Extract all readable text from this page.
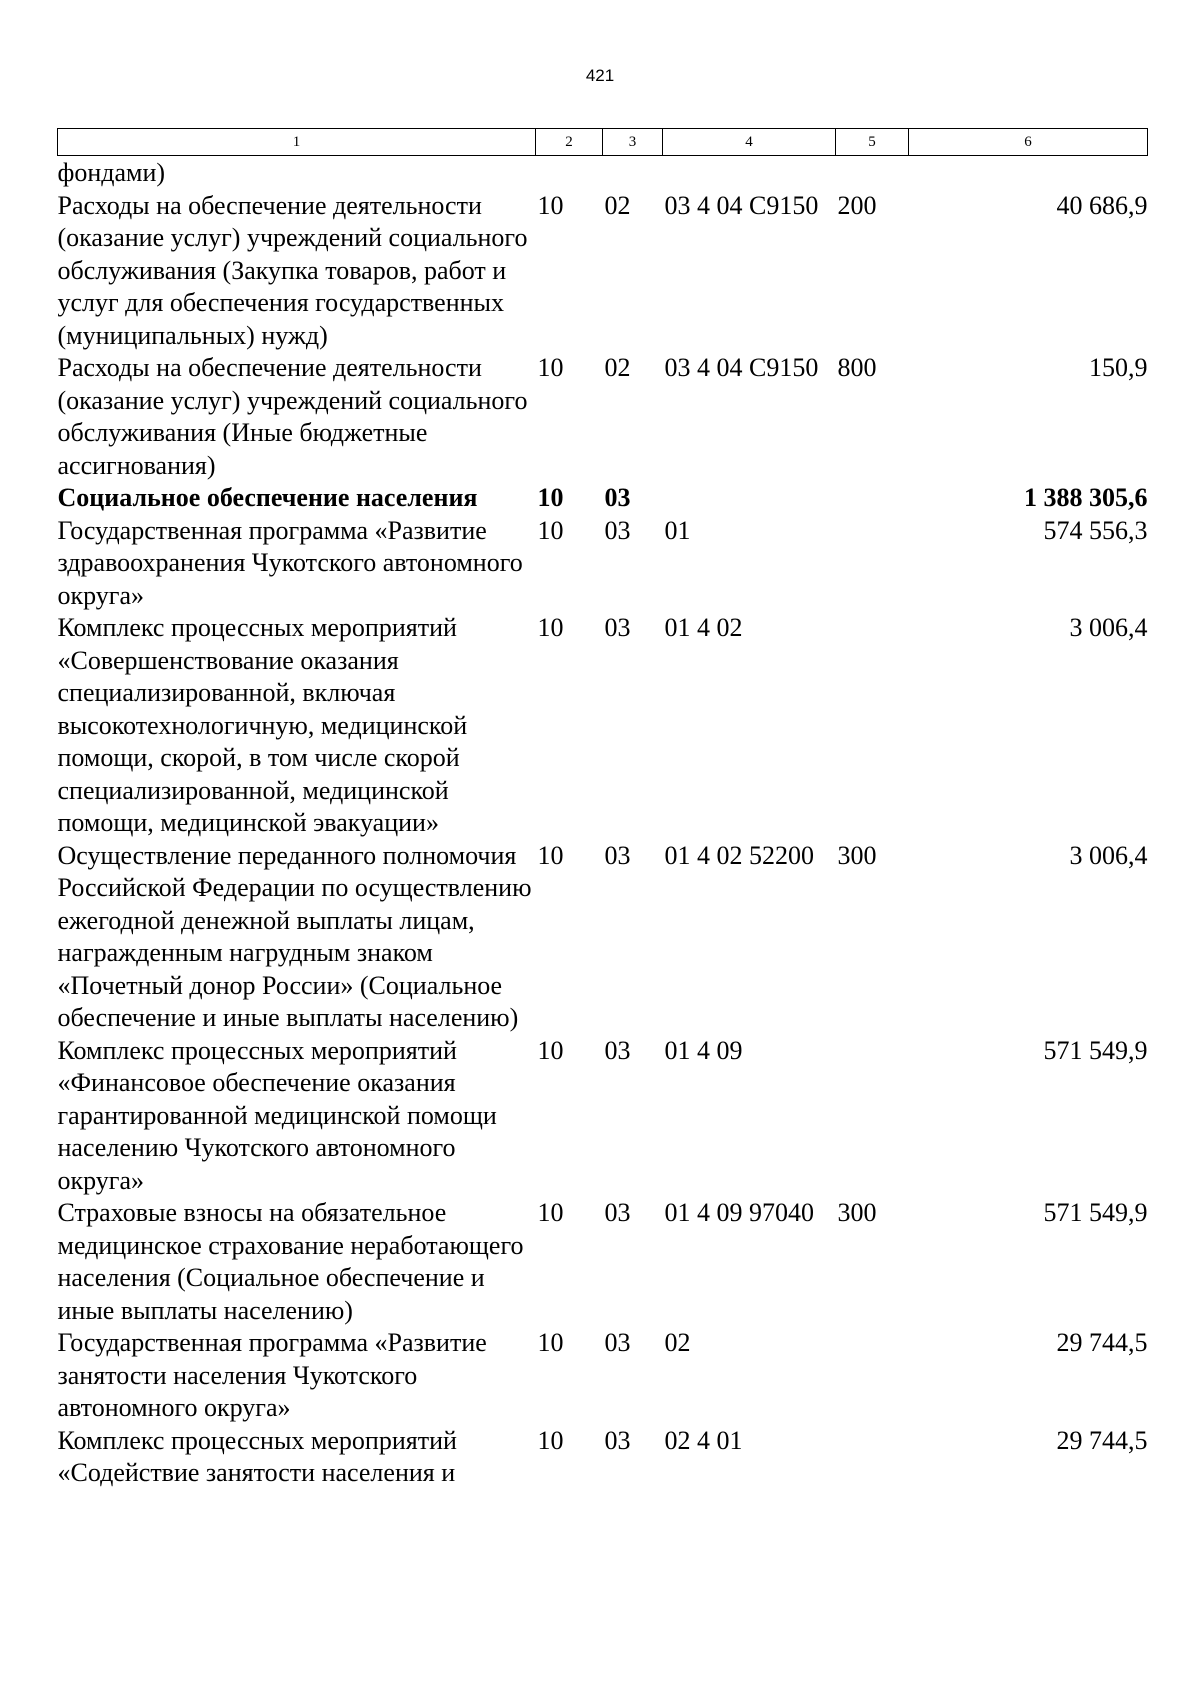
421
1	2	3	4	5	6
фондами)					
Расходы на обеспечение деятельности (оказание услуг) учреждений социального обслуживания (Закупка товаров, работ и услуг для обеспечения государственных (муниципальных) нужд)	10	02	03 4 04 С9150	200	40 686,9
Расходы на обеспечение деятельности (оказание услуг) учреждений социального обслуживания (Иные бюджетные ассигнования)	10	02	03 4 04 С9150	800	150,9
Социальное обеспечение населения	10	03			1 388 305,6
Государственная программа «Развитие здравоохранения Чукотского автономного округа»	10	03	01		574 556,3
Комплекс процессных мероприятий «Совершенствование оказания специализированной, включая высокотехнологичную, медицинской помощи, скорой, в том числе скорой специализированной, медицинской помощи, медицинской эвакуации»	10	03	01 4 02		3 006,4
Осуществление переданного полномочия Российской Федерации по осуществлению ежегодной денежной выплаты лицам, награжденным нагрудным знаком «Почетный донор России» (Социальное обеспечение и иные выплаты населению)	10	03	01 4 02 52200	300	3 006,4
Комплекс процессных мероприятий «Финансовое обеспечение оказания гарантированной медицинской помощи населению Чукотского автономного округа»	10	03	01 4 09		571 549,9
Страховые взносы на обязательное медицинское страхование неработающего населения (Социальное обеспечение и иные выплаты населению)	10	03	01 4 09 97040	300	571 549,9
Государственная программа «Развитие занятости населения Чукотского автономного округа»	10	03	02		29 744,5
Комплекс процессных мероприятий «Содействие занятости населения и	10	03	02 4 01		29 744,5
